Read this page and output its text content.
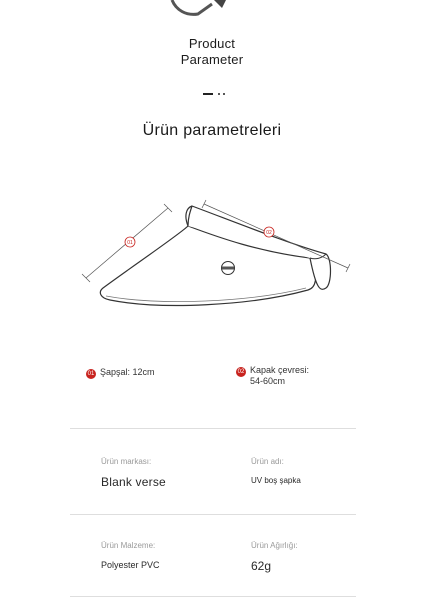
Product
Parameter
Ürün parametreleri
01
02
01 Şapşal: 12cm	02 Kapak çevresi:
54-60cm
Ürün markası:
Blank verse
Ürün adı:
UV boş şapka
Ürün Malzeme:
Polyester PVC
Ürün Ağırlığı:
62g
